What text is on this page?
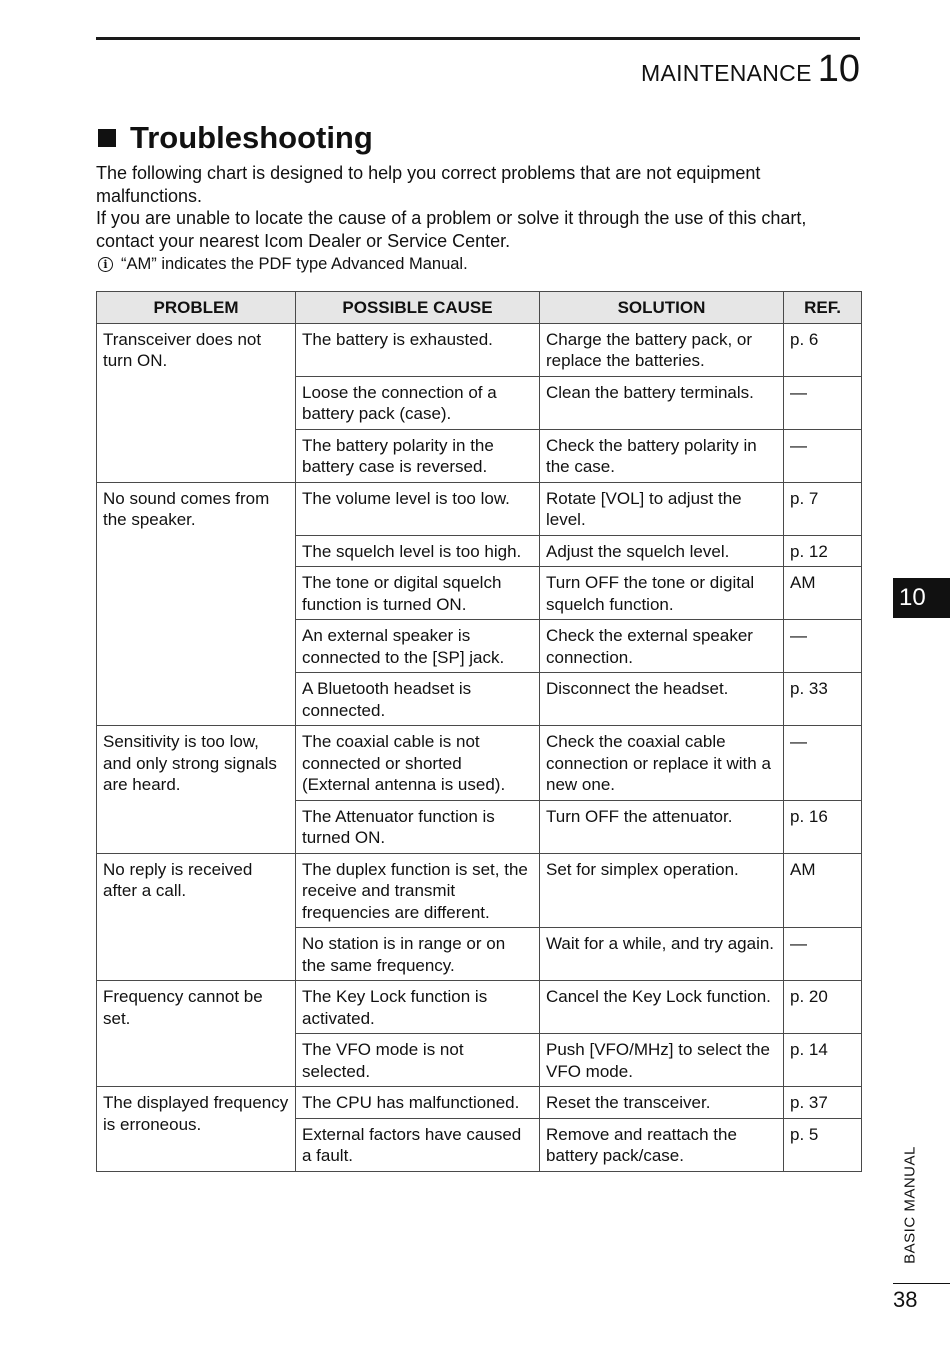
MAINTENANCE 10
Troubleshooting

The following chart is designed to help you correct problems that are not equipment malfunctions.

If you are unable to locate the cause of a problem or solve it through the use of this chart, contact your nearest Icom Dealer or Service Center.

i “AM” indicates the PDF type Advanced Manual.
PROBLEM	POSSIBLE CAUSE	SOLUTION	REF.
Transceiver does not turn ON.	The battery is exhausted.	Charge the battery pack, or replace the batteries.	p. 6
	Loose the connection of a battery pack (case).	Clean the battery terminals.	—
	The battery polarity in the battery case is reversed.	Check the battery polarity in the case.	—
No sound comes from the speaker.	The volume level is too low.	Rotate [VOL] to adjust the level.	p. 7
	The squelch level is too high.	Adjust the squelch level.	p. 12
	The tone or digital squelch function is turned ON.	Turn OFF the tone or digital squelch function.	AM
	An external speaker is connected to the [SP] jack.	Check the external speaker connection.	—
	A Bluetooth headset is connected.	Disconnect the headset.	p. 33
Sensitivity is too low, and only strong signals are heard.	The coaxial cable is not connected or shorted (External antenna is used).	Check the coaxial cable connection or replace it with a new one.	—
	The Attenuator function is turned ON.	Turn OFF the attenuator.	p. 16
No reply is received after a call.	The duplex function is set, the receive and transmit frequencies are different.	Set for simplex operation.	AM
	No station is in range or on the same frequency.	Wait for a while, and try again.	—
Frequency cannot be set.	The Key Lock function is activated.	Cancel the Key Lock function.	p. 20
	The VFO mode is not selected.	Push [VFO/MHz] to select the VFO mode.	p. 14
The displayed frequency is erroneous.	The CPU has malfunctioned.	Reset the transceiver.	p. 37
	External factors have caused a fault.	Remove and reattach the battery pack/case.	p. 5
10
BASIC MANUAL
38
